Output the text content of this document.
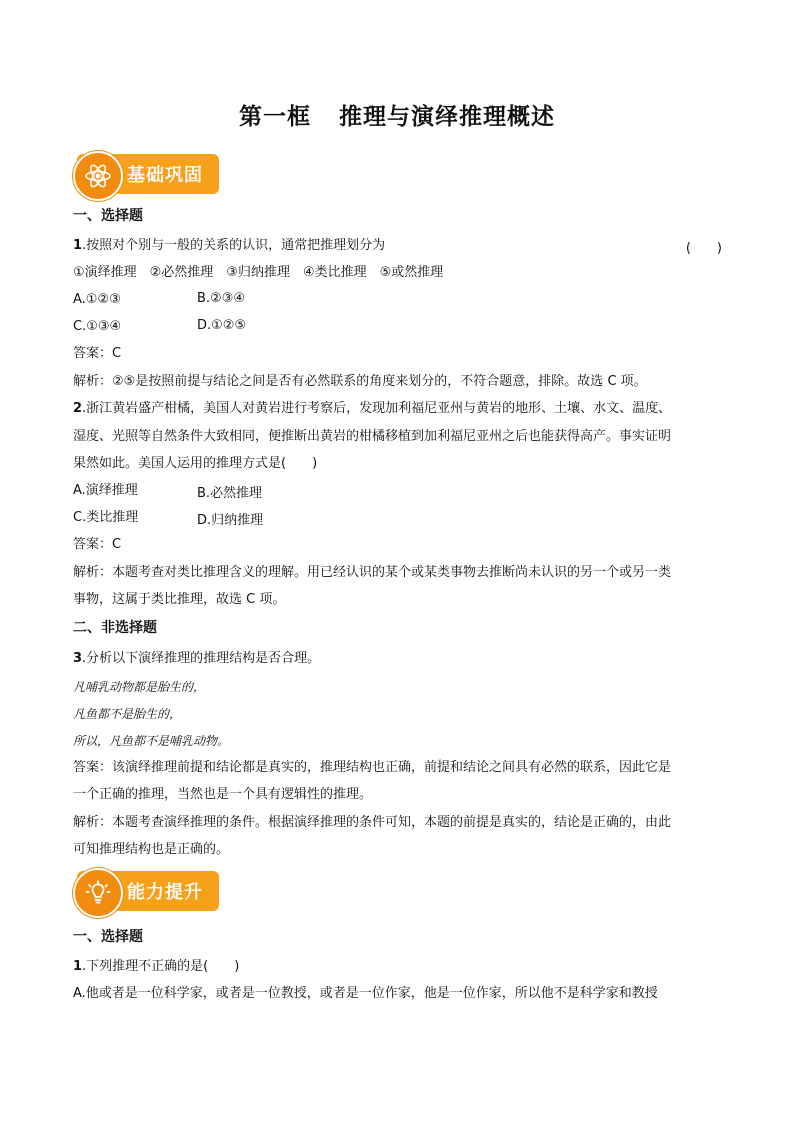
第一框 推理与演绎推理概述
基础巩固
一、选择题
1.按照对个别与一般的关系的认识，通常把推理划分为	(　　)
①演绎推理　②必然推理　③归纳推理　④类比推理　⑤或然推理
A.①②③	B.②③④
C.①③④	D.①②⑤
答案：C
解析：②⑤是按照前提与结论之间是否有必然联系的角度来划分的，不符合题意，排除。故选 C 项。
2.浙江黄岩盛产柑橘，美国人对黄岩进行考察后，发现加利福尼亚州与黄岩的地形、土壤、水文、温度、
湿度、光照等自然条件大致相同，便推断出黄岩的柑橘移植到加利福尼亚州之后也能获得高产。事实证明
果然如此。美国人运用的推理方式是(　　)
A.演绎推理	B.必然推理
C.类比推理	D.归纳推理
答案：C
解析：本题考查对类比推理含义的理解。用已经认识的某个或某类事物去推断尚未认识的另一个或另一类
事物，这属于类比推理，故选 C 项。
二、非选择题
3.分析以下演绎推理的推理结构是否合理。
凡哺乳动物都是胎生的，
凡鱼都不是胎生的，
所以，凡鱼都不是哺乳动物。
答案：该演绎推理前提和结论都是真实的，推理结构也正确，前提和结论之间具有必然的联系，因此它是
一个正确的推理，当然也是一个具有逻辑性的推理。
解析：本题考查演绎推理的条件。根据演绎推理的条件可知，本题的前提是真实的，结论是正确的，由此
可知推理结构也是正确的。
能力提升
一、选择题
1.下列推理不正确的是(　　)
A.他或者是一位科学家，或者是一位教授，或者是一位作家，他是一位作家，所以他不是科学家和教授
